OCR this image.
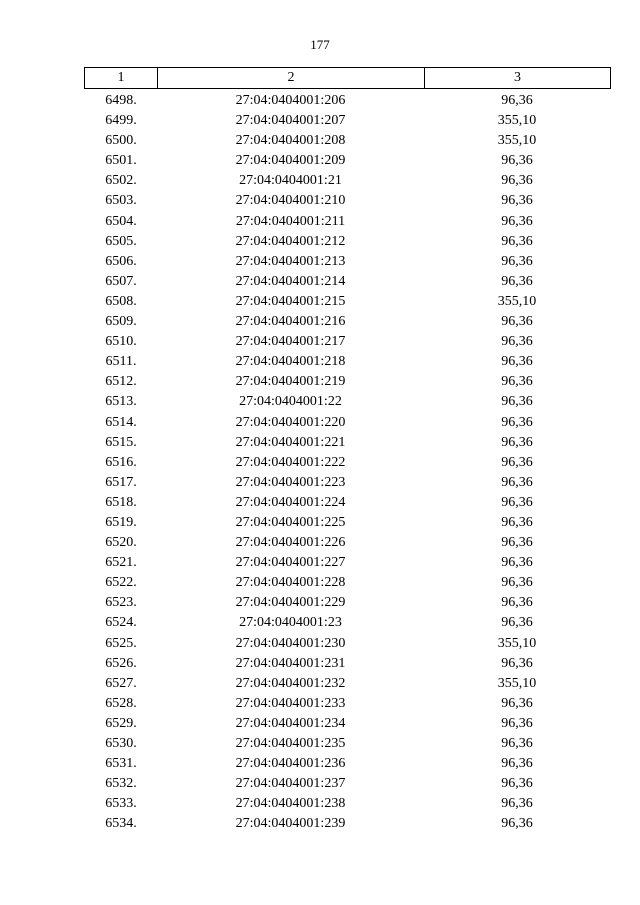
177
1	2	3
6498.	27:04:0404001:206	96,36
6499.	27:04:0404001:207	355,10
6500.	27:04:0404001:208	355,10
6501.	27:04:0404001:209	96,36
6502.	27:04:0404001:21	96,36
6503.	27:04:0404001:210	96,36
6504.	27:04:0404001:211	96,36
6505.	27:04:0404001:212	96,36
6506.	27:04:0404001:213	96,36
6507.	27:04:0404001:214	96,36
6508.	27:04:0404001:215	355,10
6509.	27:04:0404001:216	96,36
6510.	27:04:0404001:217	96,36
6511.	27:04:0404001:218	96,36
6512.	27:04:0404001:219	96,36
6513.	27:04:0404001:22	96,36
6514.	27:04:0404001:220	96,36
6515.	27:04:0404001:221	96,36
6516.	27:04:0404001:222	96,36
6517.	27:04:0404001:223	96,36
6518.	27:04:0404001:224	96,36
6519.	27:04:0404001:225	96,36
6520.	27:04:0404001:226	96,36
6521.	27:04:0404001:227	96,36
6522.	27:04:0404001:228	96,36
6523.	27:04:0404001:229	96,36
6524.	27:04:0404001:23	96,36
6525.	27:04:0404001:230	355,10
6526.	27:04:0404001:231	96,36
6527.	27:04:0404001:232	355,10
6528.	27:04:0404001:233	96,36
6529.	27:04:0404001:234	96,36
6530.	27:04:0404001:235	96,36
6531.	27:04:0404001:236	96,36
6532.	27:04:0404001:237	96,36
6533.	27:04:0404001:238	96,36
6534.	27:04:0404001:239	96,36
